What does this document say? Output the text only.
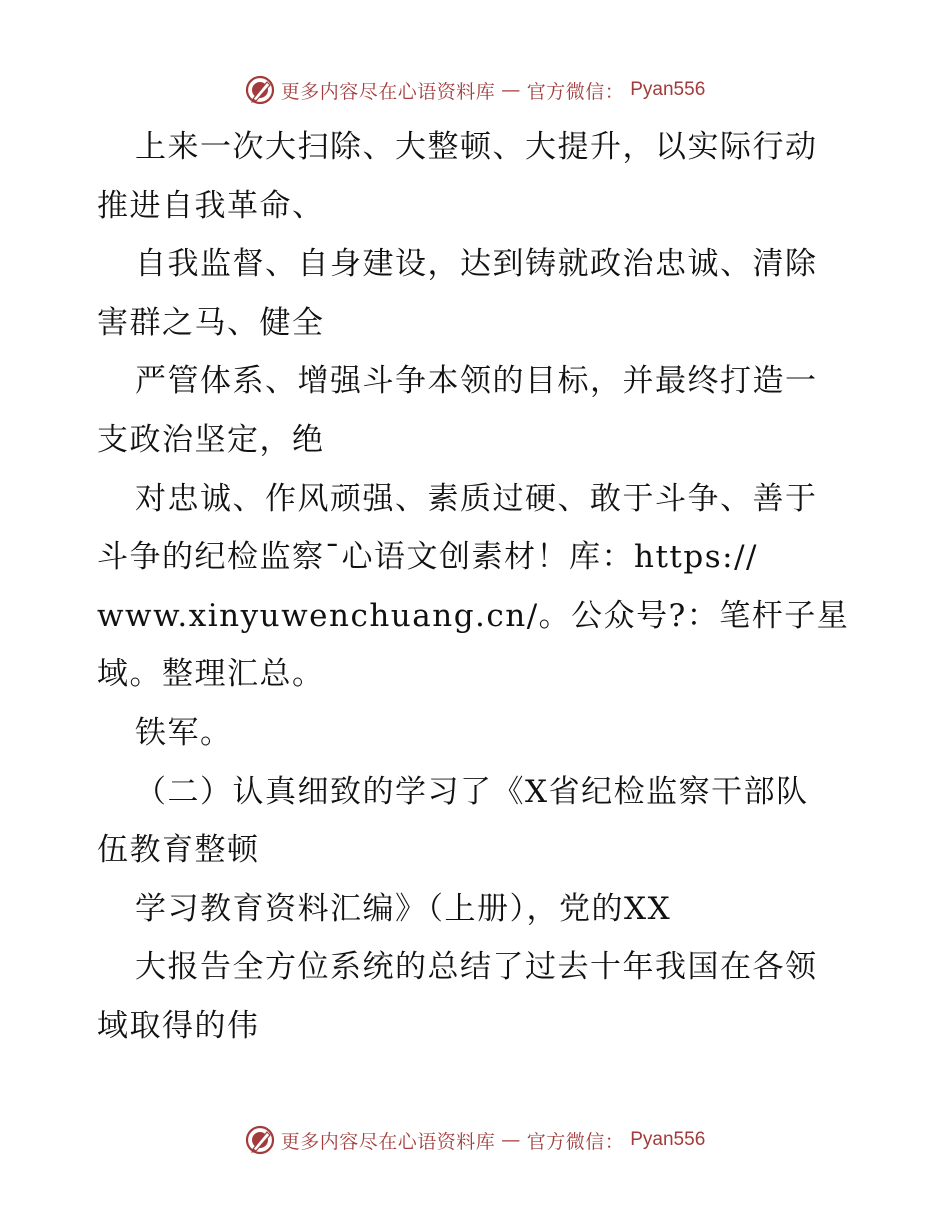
更多内容尽在心语资料库 — 官方微信： Pyan556
上来一次大扫除、大整顿、大提升，以实际行动
推进自我革命、
自我监督、自身建设，达到铸就政治忠诚、清除
害群之马、健全
严管体系、增强斗争本领的目标，并最终打造一
支政治坚定，绝
对忠诚、作风顽强、素质过硬、敢于斗争、善于
斗争的纪检监察¯心语文创素材！库：https://
www.xinyuwenchuang.cn/。公众号?：笔杆子星
域。整理汇总。
铁军。
（二）认真细致的学习了《X省纪检监察干部队
伍教育整顿
学习教育资料汇编》（上册），党的XX
大报告全方位系统的总结了过去十年我国在各领
域取得的伟
更多内容尽在心语资料库 — 官方微信： Pyan556
